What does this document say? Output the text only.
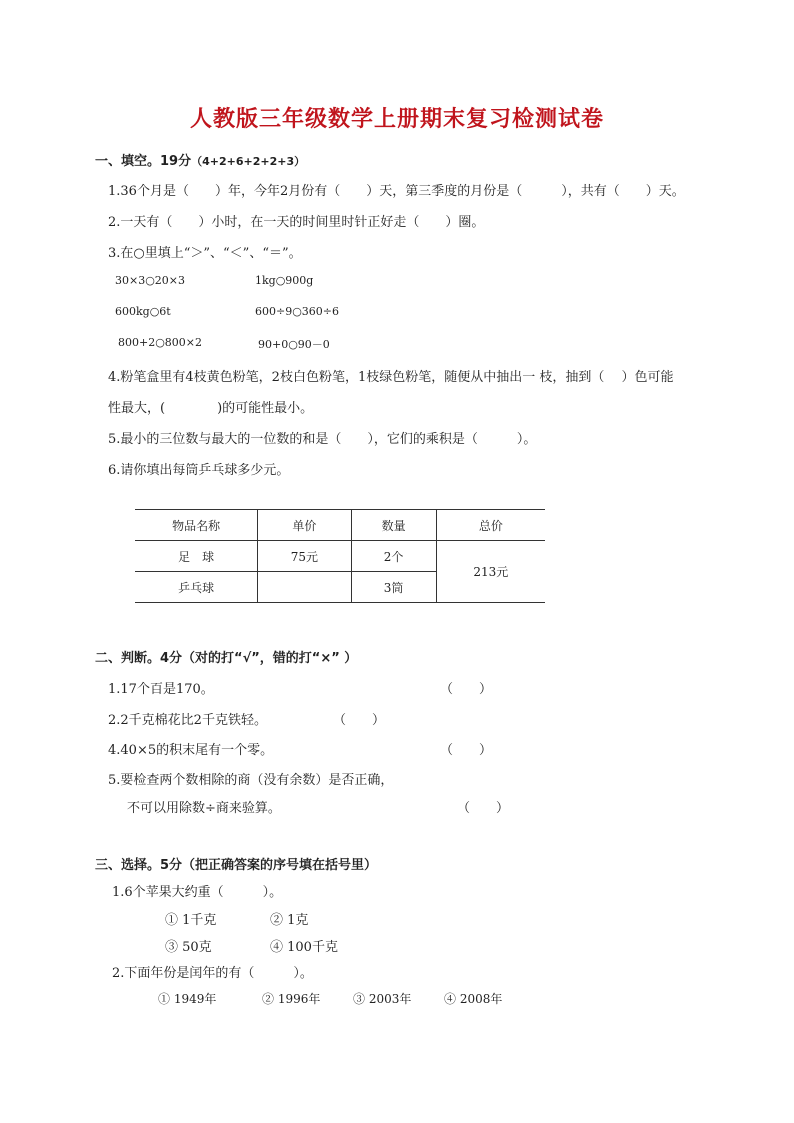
人教版三年级数学上册期末复习检测试卷
一、填空。19分（4+2+6+2+2+3）
1.36个月是（　　）年，今年2月份有（　　）天，第三季度的月份是（　　　），共有（　　）天。
2.一天有（　　）小时，在一天的时间里时针正好走（　　）圈。
3.在○里填上“＞”、“＜”、“＝”。
30×3○20×3	1kg○900g
600kg○6t	600÷9○360÷6
800+2○800×2	90+0○90－0
4.粉笔盒里有4枝黄色粉笔，2枝白色粉笔，1枝绿色粉笔，随便从中抽出一 枝，抽到（　 ）色可能
性最大，(　　　　)的可能性最小。
5.最小的三位数与最大的一位数的和是（　　），它们的乘积是（　　　）。
6.请你填出每筒乒乓球多少元。
物品名称	单价	数量	总价
足　球	75元	2个	213元
乒乓球		3筒	
二、判断。4分（对的打“√”，错的打“×” ）
1.17个百是170。	（　　）
2.2千克棉花比2千克铁轻。	（　　）
4.40×5的积末尾有一个零。	（　　）
5.要检查两个数相除的商（没有余数）是否正确，
不可以用除数÷商来验算。	（　　）
三、选择。5分（把正确答案的序号填在括号里）
1.6个苹果大约重（　　　）。
① 1千克	② 1克
③ 50克	④ 100千克
2.下面年份是闰年的有（　　　）。
① 1949年	② 1996年	③ 2003年	④ 2008年
